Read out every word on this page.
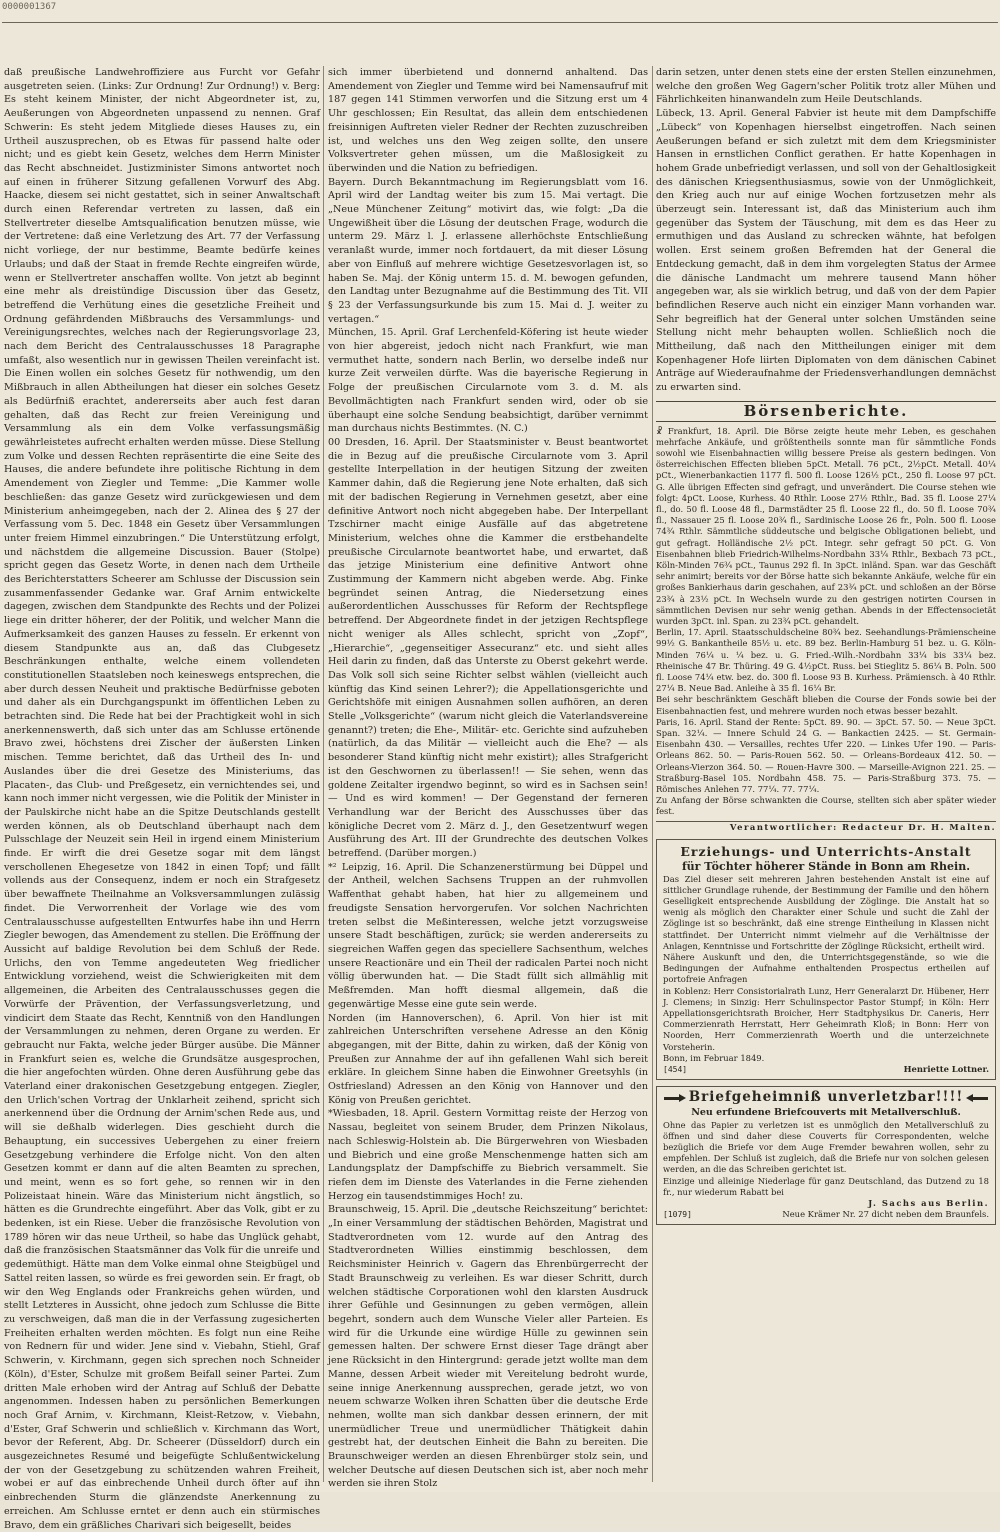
0000001367

daß preußische Landwehroffiziere aus Furcht vor Gefahr ausgetreten seien. (Links: Zur Ordnung! Zur Ordnung!) v. Berg: Es steht keinem Minister, der nicht Abgeordneter ist, zu, Aeußerungen von Abgeordneten unpassend zu nennen. Graf Schwerin: Es steht jedem Mitgliede dieses Hauses zu, ein Urtheil auszusprechen, ob es Etwas für passend halte oder nicht; und es giebt kein Gesetz, welches dem Herrn Minister das Recht abschneidet. Justizminister Simons antwortet noch auf einen in früherer Sitzung gefallenen Vorwurf des Abg. Haacke, diesem sei nicht gestattet, sich in seiner Anwaltschaft durch einen Referendar vertreten zu lassen, daß ein Stellvertreter dieselbe Amtsqualification benutzen müsse, wie der Vertretene: daß eine Verletzung des Art. 77 der Verfassung nicht vorliege, der nur bestimme, Beamte bedürfe keines Urlaubs; und daß der Staat in fremde Rechte eingreifen würde, wenn er Stellvertreter anschaffen wollte. Von jetzt ab beginnt eine mehr als dreistündige Discussion über das Gesetz, betreffend die Verhütung eines die gesetzliche Freiheit und Ordnung gefährdenden Mißbrauchs des Versammlungs- und Vereinigungsrechtes, welches nach der Regierungsvorlage 23, nach dem Bericht des Centralausschusses 18 Paragraphe umfaßt, also wesentlich nur in gewissen Theilen vereinfacht ist. Die Einen wollen ein solches Gesetz für nothwendig, um den Mißbrauch in allen Abtheilungen hat dieser ein solches Gesetz als Bedürfniß erachtet, andererseits aber auch fest daran gehalten, daß das Recht zur freien Vereinigung und Versammlung als ein dem Volke verfassungsmäßig gewährleistetes aufrecht erhalten werden müsse. Diese Stellung zum Volke und dessen Rechten repräsentirte die eine Seite des Hauses, die andere befundete ihre politische Richtung in dem Amendement von Ziegler und Temme: „Die Kammer wolle beschließen: das ganze Gesetz wird zurückgewiesen und dem Ministerium anheimgegeben, nach der 2. Alinea des § 27 der Verfassung vom 5. Dec. 1848 ein Gesetz über Versammlungen unter freiem Himmel einzubringen.“ Die Unterstützung erfolgt, und nächstdem die allgemeine Discussion. Bauer (Stolpe) spricht gegen das Gesetz Worte, in denen nach dem Urtheile des Berichterstatters Scheerer am Schlusse der Discussion sein zusammenfassender Gedanke war. Graf Arnim entwickelte dagegen, zwischen dem Standpunkte des Rechts und der Polizei liege ein dritter höherer, der der Politik, und welcher Mann die Aufmerksamkeit des ganzen Hauses zu fesseln. Er erkennt von diesem Standpunkte aus an, daß das Clubgesetz Beschränkungen enthalte, welche einem vollendeten constitutionellen Staatsleben noch keineswegs entsprechen, die aber durch dessen Neuheit und praktische Bedürfnisse geboten und daher als ein Durchgangspunkt im öffentlichen Leben zu betrachten sind. Die Rede hat bei der Prachtigkeit wohl in sich anerkennenswerth, daß sich unter das am Schlusse ertönende Bravo zwei, höchstens drei Zischer der äußersten Linken mischen. Temme berichtet, daß das Urtheil des In- und Auslandes über die drei Gesetze des Ministeriums, das Placaten-, das Club- und Preßgesetz, ein vernichtendes sei, und kann noch immer nicht vergessen, wie die Politik der Minister in der Paulskirche nicht habe an die Spitze Deutschlands gestellt werden können, als ob Deutschland überhaupt nach dem Pulsschlage der Neuzeit sein Heil in irgend einem Ministerium finde. Er wirft die drei Gesetze sogar mit dem längst verschollenen Ehegesetze von 1842 in einen Topf; und fällt vollends aus der Consequenz, indem er noch ein Strafgesetz über bewaffnete Theilnahme an Volksversammlungen zulässig findet. Die Verworrenheit der Vorlage wie des vom Centralausschusse aufgestellten Entwurfes habe ihn und Herrn Ziegler bewogen, das Amendement zu stellen. Die Eröffnung der Aussicht auf baldige Revolution bei dem Schluß der Rede. Urlichs, den von Temme angedeuteten Weg friedlicher Entwicklung vorziehend, weist die Schwierigkeiten mit dem allgemeinen, die Arbeiten des Centralausschusses gegen die Vorwürfe der Prävention, der Verfassungsverletzung, und vindicirt dem Staate das Recht, Kenntniß von den Handlungen der Versammlungen zu nehmen, deren Organe zu werden. Er gebraucht nur Fakta, welche jeder Bürger ausübe. Die Männer in Frankfurt seien es, welche die Grundsätze ausgesprochen, die hier angefochten würden. Ohne deren Ausführung gebe das Vaterland einer drakonischen Gesetzgebung entgegen. Ziegler, den Urlich'schen Vortrag der Unklarheit zeihend, spricht sich anerkennend über die Ordnung der Arnim'schen Rede aus, und will sie deßhalb widerlegen. Dies geschieht durch die Behauptung, ein successives Uebergehen zu einer freiern Gesetzgebung verhindere die Erfolge nicht. Von den alten Gesetzen kommt er dann auf die alten Beamten zu sprechen, und meint, wenn es so fort gehe, so rennen wir in den Polizeistaat hinein. Wäre das Ministerium nicht ängstlich, so hätten es die Grundrechte eingeführt. Aber das Volk, gibt er zu bedenken, ist ein Riese. Ueber die französische Revolution von 1789 hören wir das neue Urtheil, so habe das Unglück gehabt, daß die französischen Staatsmänner das Volk für die unreife und gedemüthigt. Hätte man dem Volke einmal ohne Steigbügel und Sattel reiten lassen, so würde es frei geworden sein. Er fragt, ob wir den Weg Englands oder Frankreichs gehen würden, und stellt Letzteres in Aussicht, ohne jedoch zum Schlusse die Bitte zu verschweigen, daß man die in der Verfassung zugesicherten Freiheiten erhalten werden möchten. Es folgt nun eine Reihe von Rednern für und wider. Jene sind v. Viebahn, Stiehl, Graf Schwerin, v. Kirchmann, gegen sich sprechen noch Schneider (Köln), d'Ester, Schulze mit großem Beifall seiner Partei. Zum dritten Male erhoben wird der Antrag auf Schluß der Debatte angenommen. Indessen haben zu persönlichen Bemerkungen noch Graf Arnim, v. Kirchmann, Kleist-Retzow, v. Viebahn, d'Ester, Graf Schwerin und schließlich v. Kirchmann das Wort, bevor der Referent, Abg. Dr. Scheerer (Düsseldorf) durch ein ausgezeichnetes Resumé und beigefügte Schlußentwickelung der von der Gesetzgebung zu schützenden wahren Freiheit, wobei er auf das einbrechende Unheil durch öfter auf ihn einbrechenden Sturm die glänzendste Anerkennung zu erreichen. Am Schlusse erntet er denn auch ein stürmisches Bravo, dem ein gräßliches Charivari sich beigesellt, beides

sich immer überbietend und donnernd anhaltend. Das Amendement von Ziegler und Temme wird bei Namensaufruf mit 187 gegen 141 Stimmen verworfen und die Sitzung erst um 4 Uhr geschlossen; Ein Resultat, das allein dem entschiedenen freisinnigen Auftreten vieler Redner der Rechten zuzuschreiben ist, und welches uns den Weg zeigen sollte, den unsere Volksvertreter gehen müssen, um die Maßlosigkeit zu überwinden und die Nation zu befriedigen.

Bayern. Durch Bekanntmachung im Regierungsblatt vom 16. April wird der Landtag weiter bis zum 15. Mai vertagt. Die „Neue Münchener Zeitung“ motivirt das, wie folgt: „Da die Ungewißheit über die Lösung der deutschen Frage, wodurch die unterm 29. März l. J. erlassene allerhöchste Entschließung veranlaßt wurde, immer noch fortdauert, da mit dieser Lösung aber von Einfluß auf mehrere wichtige Gesetzesvorlagen ist, so haben Se. Maj. der König unterm 15. d. M. bewogen gefunden, den Landtag unter Bezugnahme auf die Bestimmung des Tit. VII § 23 der Verfassungsurkunde bis zum 15. Mai d. J. weiter zu vertagen.“

München, 15. April. Graf Lerchenfeld-Köfering ist heute wieder von hier abgereist, jedoch nicht nach Frankfurt, wie man vermuthet hatte, sondern nach Berlin, wo derselbe indeß nur kurze Zeit verweilen dürfte. Was die bayerische Regierung in Folge der preußischen Circularnote vom 3. d. M. als Bevollmächtigten nach Frankfurt senden wird, oder ob sie überhaupt eine solche Sendung beabsichtigt, darüber vernimmt man durchaus nichts Bestimmtes. (N. C.)

00 Dresden, 16. April. Der Staatsminister v. Beust beantwortet die in Bezug auf die preußische Circularnote vom 3. April gestellte Interpellation in der heutigen Sitzung der zweiten Kammer dahin, daß die Regierung jene Note erhalten, daß sich mit der badischen Regierung in Vernehmen gesetzt, aber eine definitive Antwort noch nicht abgegeben habe. Der Interpellant Tzschirner macht einige Ausfälle auf das abgetretene Ministerium, welches ohne die Kammer die erstbehandelte preußische Circularnote beantwortet habe, und erwartet, daß das jetzige Ministerium eine definitive Antwort ohne Zustimmung der Kammern nicht abgeben werde. Abg. Finke begründet seinen Antrag, die Niedersetzung eines außerordentlichen Ausschusses für Reform der Rechtspflege betreffend. Der Abgeordnete findet in der jetzigen Rechtspflege nicht weniger als Alles schlecht, spricht von „Zopf“, „Hierarchie“, „gegenseitiger Assecuranz“ etc. und sieht alles Heil darin zu finden, daß das Unterste zu Oberst gekehrt werde. Das Volk soll sich seine Richter selbst wählen (vielleicht auch künftig das Kind seinen Lehrer?); die Appellationsgerichte und Gerichtshöfe mit einigen Ausnahmen sollen aufhören, an deren Stelle „Volksgerichte“ (warum nicht gleich die Vaterlandsvereine genannt?) treten; die Ehe-, Militär- etc. Gerichte sind aufzuheben (natürlich, da das Militär — vielleicht auch die Ehe? — als besonderer Stand künftig nicht mehr existirt); alles Strafgericht ist den Geschwornen zu überlassen!! — Sie sehen, wenn das goldene Zeitalter irgendwo beginnt, so wird es in Sachsen sein! — Und es wird kommen! — Der Gegenstand der ferneren Verhandlung war der Bericht des Ausschusses über das königliche Decret vom 2. März d. J., den Gesetzentwurf wegen Ausführung des Art. III der Grundrechte des deutschen Volkes betreffend. (Darüber morgen.)

*² Leipzig, 16. April. Die Schanzenerstürmung bei Düppel und der Antheil, welchen Sachsens Truppen an der ruhmvollen Waffenthat gehabt haben, hat hier zu allgemeinem und freudigste Sensation hervorgerufen. Vor solchen Nachrichten treten selbst die Meßinteressen, welche jetzt vorzugsweise unsere Stadt beschäftigen, zurück; sie werden andererseits zu siegreichen Waffen gegen das speciellere Sachsenthum, welches unsere Reactionäre und ein Theil der radicalen Partei noch nicht völlig überwunden hat. — Die Stadt füllt sich allmählig mit Meßfremden. Man hofft diesmal allgemein, daß die gegenwärtige Messe eine gute sein werde.

Norden (im Hannoverschen), 6. April. Von hier ist mit zahlreichen Unterschriften versehene Adresse an den König abgegangen, mit der Bitte, dahin zu wirken, daß der König von Preußen zur Annahme der auf ihn gefallenen Wahl sich bereit erkläre. In gleichem Sinne haben die Einwohner Greetsyhls (in Ostfriesland) Adressen an den König von Hannover und den König von Preußen gerichtet.

*Wiesbaden, 18. April. Gestern Vormittag reiste der Herzog von Nassau, begleitet von seinem Bruder, dem Prinzen Nikolaus, nach Schleswig-Holstein ab. Die Bürgerwehren von Wiesbaden und Biebrich und eine große Menschenmenge hatten sich am Landungsplatz der Dampfschiffe zu Biebrich versammelt. Sie riefen dem im Dienste des Vaterlandes in die Ferne ziehenden Herzog ein tausendstimmiges Hoch! zu.

Braunschweig, 15. April. Die „deutsche Reichszeitung“ berichtet: „In einer Versammlung der städtischen Behörden, Magistrat und Stadtverordneten vom 12. wurde auf den Antrag des Stadtverordneten Willies einstimmig beschlossen, dem Reichsminister Heinrich v. Gagern das Ehrenbürgerrecht der Stadt Braunschweig zu verleihen. Es war dieser Schritt, durch welchen städtische Corporationen wohl den klarsten Ausdruck ihrer Gefühle und Gesinnungen zu geben vermögen, allein begehrt, sondern auch dem Wunsche Vieler aller Parteien. Es wird für die Urkunde eine würdige Hülle zu gewinnen sein gemessen halten. Der schwere Ernst dieser Tage drängt aber jene Rücksicht in den Hintergrund: gerade jetzt wollte man dem Manne, dessen Arbeit wieder mit Vereitelung bedroht wurde, seine innige Anerkennung aussprechen, gerade jetzt, wo von neuem schwarze Wolken ihren Schatten über die deutsche Erde nehmen, wollte man sich dankbar dessen erinnern, der mit unermüdlicher Treue und unermüdlicher Thätigkeit dahin gestrebt hat, der deutschen Einheit die Bahn zu bereiten. Die Braunschweiger werden an diesen Ehrenbürger stolz sein, und welcher Deutsche auf diesen Deutschen sich ist, aber noch mehr werden sie ihren Stolz

darin setzen, unter denen stets eine der ersten Stellen einzunehmen, welche den großen Weg Gagern'scher Politik trotz aller Mühen und Fährlichkeiten hinanwandeln zum Heile Deutschlands.

Lübeck, 13. April. General Fabvier ist heute mit dem Dampfschiffe „Lübeck“ von Kopenhagen hierselbst eingetroffen. Nach seinen Aeußerungen befand er sich zuletzt mit dem dem Kriegsminister Hansen in ernstlichen Conflict gerathen. Er hatte Kopenhagen in hohem Grade unbefriedigt verlassen, und soll von der Gehaltlosigkeit des dänischen Kriegsenthusiasmus, sowie von der Unmöglichkeit, den Krieg auch nur auf einige Wochen fortzusetzen mehr als überzeugt sein. Interessant ist, daß das Ministerium auch ihm gegenüber das System der Täuschung, mit dem es das Heer zu ermuthigen und das Ausland zu schrecken wähnte, hat befolgen wollen. Erst seinem großen Befremden hat der General die Entdeckung gemacht, daß in dem ihm vorgelegten Status der Armee die dänische Landmacht um mehrere tausend Mann höher angegeben war, als sie wirklich betrug, und daß von der dem Papier befindlichen Reserve auch nicht ein einziger Mann vorhanden war. Sehr begreiflich hat der General unter solchen Umständen seine Stellung nicht mehr behaupten wollen. Schließlich noch die Mittheilung, daß nach den Mittheilungen einiger mit dem Kopenhagener Hofe liirten Diplomaten von dem dänischen Cabinet Anträge auf Wiederaufnahme der Friedensverhandlungen demnächst zu erwarten sind.

Börsenberichte.

☧ Frankfurt, 18. April. Die Börse zeigte heute mehr Leben, es geschahen mehrfache Ankäufe, und größtentheils sonnte man für sämmtliche Fonds sowohl wie Eisenbahnactien willig bessere Preise als gestern bedingen. Von österreichischen Effecten blieben 5pCt. Metall. 76 pCt., 2½pCt. Metall. 40¼ pCt., Wienerbankactien 1177 fl. 500 fl. Loose 126½ pCt., 250 fl. Loose 97 pCt. G. Alle übrigen Effecten sind gefragt, und unverändert. Die Course stehen wie folgt: 4pCt. Loose, Kurhess. 40 Rthlr. Loose 27½ Rthlr., Bad. 35 fl. Loose 27¼ fl., do. 50 fl. Loose 48 fl., Darmstädter 25 fl. Loose 22 fl., do. 50 fl. Loose 70¾ fl., Nassauer 25 fl. Loose 20¾ fl., Sardinische Loose 26 fr., Poln. 500 fl. Loose 74¾ Rthlr. Sämmtliche süddeutsche und belgische Obligationen beliebt, und gut gefragt. Holländische 2½ pCt. Integr. sehr gefragt 50 pCt. G. Von Eisenbahnen blieb Friedrich-Wilhelms-Nordbahn 33¼ Rthlr., Bexbach 73 pCt., Köln-Minden 76¾ pCt., Taunus 292 fl. In 3pCt. inländ. Span. war das Geschäft sehr animirt; bereits vor der Börse hatte sich bekannte Ankäufe, welche für ein großes Bankierhaus darin geschahen, auf 23¾ pCt. und schloßen an der Börse 23¾ à 23½ pCt. In Wechseln wurde zu den gestrigen notirten Coursen in sämmtlichen Devisen nur sehr wenig gethan. Abends in der Effectensocietät wurden 3pCt. inl. Span. zu 23¾ pCt. gehandelt.

Berlin, 17. April. Staatsschuldscheine 80¾ bez. Seehandlungs-Prämienscheine 99½ G. Bankantheile 85½ u. etc. 89 bez. Berlin-Hamburg 51 bez. u. G. Köln-Minden 76¼ u. ¼ bez. u. G. Fried.-Wilh.-Nordbahn 33¼ bis 33¼ bez. Rheinische 47 Br. Thüring. 49 G. 4½pCt. Russ. bei Stieglitz 5. 86¼ B. Poln. 500 fl. Loose 74¼ etw. bez. do. 300 fl. Loose 93 B. Kurhess. Prämiensch. à 40 Rthlr. 27¼ B. Neue Bad. Anleihe à 35 fl. 16¼ Br.

Bei sehr beschränktem Geschäft blieben die Course der Fonds sowie bei der Eisenbahnactien fest, und mehrere wurden noch etwas besser bezahlt.

Paris, 16. April. Stand der Rente: 5pCt. 89. 90. — 3pCt. 57. 50. — Neue 3pCt. Span. 32¼. — Innere Schuld 24 G. — Bankactien 2425. — St. Germain-Eisenbahn 430. — Versailles, rechtes Ufer 220. — Linkes Ufer 190. — Paris-Orleans 862. 50. — Paris-Rouen 562. 50. — Orleans-Bordeaux 412. 50. — Orleans-Vierzon 364. 50. — Rouen-Havre 300. — Marseille-Avignon 221. 25. — Straßburg-Basel 105. Nordbahn 458. 75. — Paris-Straßburg 373. 75. — Römisches Anlehen 77. 77¼. 77. 77¼.

Zu Anfang der Börse schwankten die Course, stellten sich aber später wieder fest.

Verantwortlicher: Redacteur Dr. H. Malten.

Erziehungs- und Unterrichts-Anstalt
für Töchter höherer Stände in Bonn am Rhein.

Das Ziel dieser seit mehreren Jahren bestehenden Anstalt ist eine auf sittlicher Grundlage ruhende, der Bestimmung der Familie und den höhern Geselligkeit entsprechende Ausbildung der Zöglinge. Die Anstalt hat so wenig als möglich den Charakter einer Schule und sucht die Zahl der Zöglinge ist so beschränkt, daß eine strenge Eintheilung in Klassen nicht stattfindet. Der Unterricht nimmt vielmehr auf die Verhältnisse der Anlagen, Kenntnisse und Fortschritte der Zöglinge Rücksicht, ertheilt wird.

Nähere Auskunft und den, die Unterrichtsgegenstände, so wie die Bedingungen der Aufnahme enthaltenden Prospectus ertheilen auf portofreie Anfragen

in Koblenz: Herr Consistorialrath Lunz, Herr Generalarzt Dr. Hübener, Herr J. Clemens; in Sinzig: Herr Schulinspector Pastor Stumpf; in Köln: Herr Appellationsgerichtsrath Broicher, Herr Stadtphysikus Dr. Caneris, Herr Commerzienrath Herrstatt, Herr Geheimrath Kloß; in Bonn: Herr von Noorden, Herr Commerzienrath Woerth und die unterzeichnete Vorsteherin.

Bonn, im Februar 1849.

[454]	Henriette Lottner.
Briefgeheimniß unverletzbar!!!!
Neu erfundene Briefcouverts mit Metallverschluß.

Ohne das Papier zu verletzen ist es unmöglich den Metallverschluß zu öffnen und sind daher diese Couverts für Correspondenten, welche bezüglich die Briefe vor dem Auge Fremder bewahren wollen, sehr zu empfehlen. Der Schluß ist zugleich, daß die Briefe nur von solchen gelesen werden, an die das Schreiben gerichtet ist.

Einzige und alleinige Niederlage für ganz Deutschland, das Dutzend zu 18 fr., nur wiederum Rabatt bei

J. Sachs aus Berlin.

[1079]	Neue Krämer Nr. 27 dicht neben dem Braunfels.
